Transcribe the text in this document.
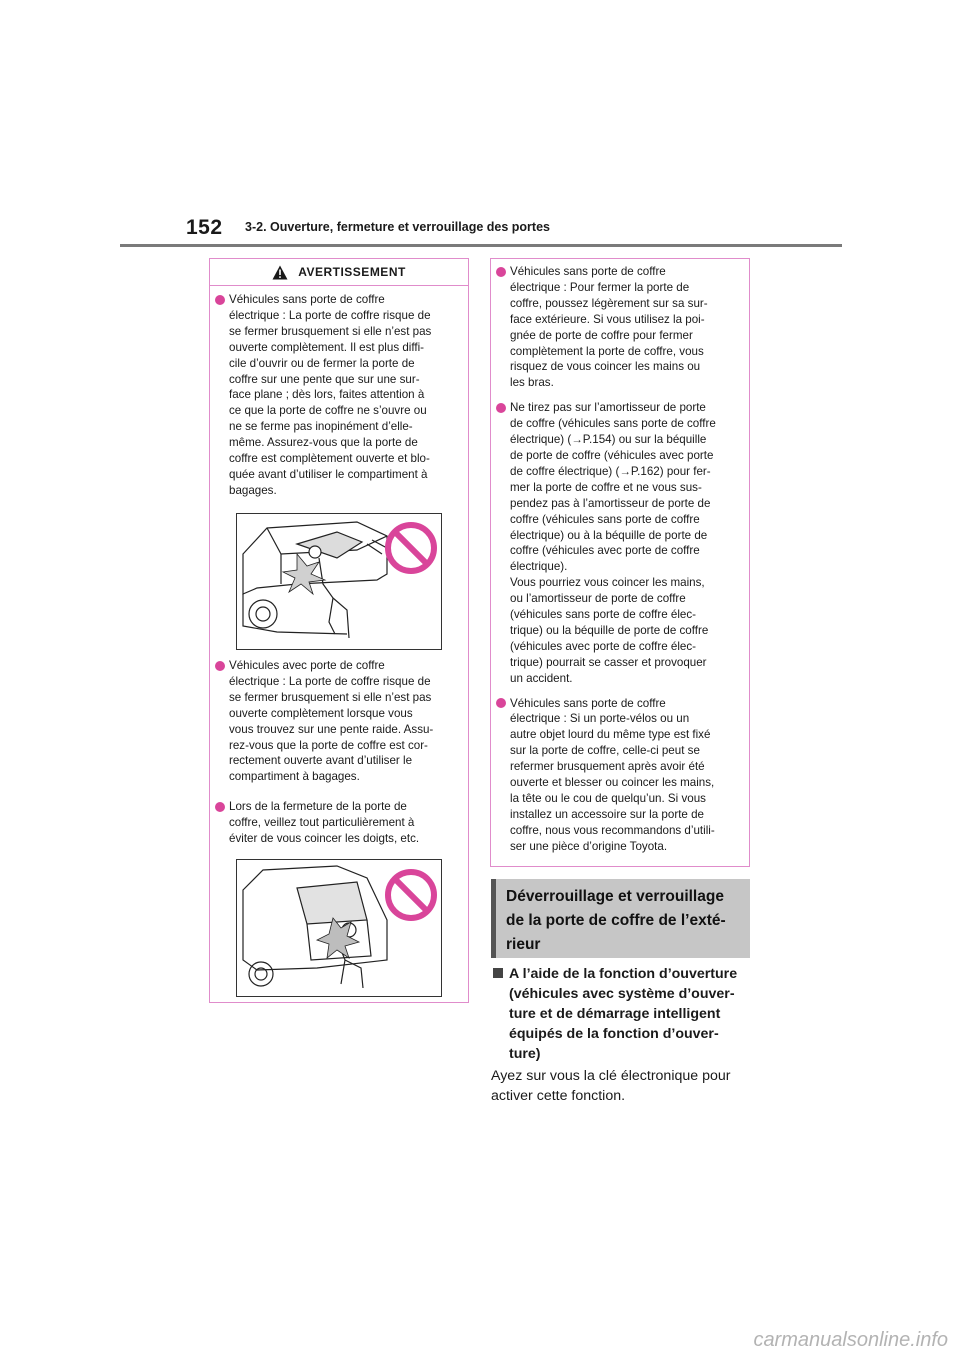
152 3-2. Ouverture, fermeture et verrouillage des portes
AVERTISSEMENT
Véhicules sans porte de coffre
électrique : La porte de coffre risque de
se fermer brusquement si elle n’est pas
ouverte complètement. Il est plus diffi-
cile d’ouvrir ou de fermer la porte de
coffre sur une pente que sur une sur-
face plane ; dès lors, faites attention à
ce que la porte de coffre ne s’ouvre ou
ne se ferme pas inopinément d’elle-
même. Assurez-vous que la porte de
coffre est complètement ouverte et blo-
quée avant d’utiliser le compartiment à
bagages.
Véhicules avec porte de coffre
électrique : La porte de coffre risque de
se fermer brusquement si elle n’est pas
ouverte complètement lorsque vous
vous trouvez sur une pente raide. Assu-
rez-vous que la porte de coffre est cor-
rectement ouverte avant d’utiliser le
compartiment à bagages.
Lors de la fermeture de la porte de
coffre, veillez tout particulièrement à
éviter de vous coincer les doigts, etc.
Véhicules sans porte de coffre
électrique : Pour fermer la porte de
coffre, poussez légèrement sur sa sur-
face extérieure. Si vous utilisez la poi-
gnée de porte de coffre pour fermer
complètement la porte de coffre, vous
risquez de vous coincer les mains ou
les bras.
Ne tirez pas sur l’amortisseur de porte
de coffre (véhicules sans porte de coffre
électrique) (→P.154) ou sur la béquille
de porte de coffre (véhicules avec porte
de coffre électrique) (→P.162) pour fer-
mer la porte de coffre et ne vous sus-
pendez pas à l’amortisseur de porte de
coffre (véhicules sans porte de coffre
électrique) ou à la béquille de porte de
coffre (véhicules avec porte de coffre
électrique).
Vous pourriez vous coincer les mains,
ou l’amortisseur de porte de coffre
(véhicules sans porte de coffre élec-
trique) ou la béquille de porte de coffre
(véhicules avec porte de coffre élec-
trique) pourrait se casser et provoquer
un accident.
Véhicules sans porte de coffre
électrique : Si un porte-vélos ou un
autre objet lourd du même type est fixé
sur la porte de coffre, celle-ci peut se
refermer brusquement après avoir été
ouverte et blesser ou coincer les mains,
la tête ou le cou de quelqu’un. Si vous
installez un accessoire sur la porte de
coffre, nous vous recommandons d’utili-
ser une pièce d’origine Toyota.
Déverrouillage et verrouillage
de la porte de coffre de l’exté-
rieur
A l’aide de la fonction d’ouverture
(véhicules avec système d’ouver-
ture et de démarrage intelligent
équipés de la fonction d’ouver-
ture)
Ayez sur vous la clé électronique pour
activer cette fonction.
carmanualsonline.info
